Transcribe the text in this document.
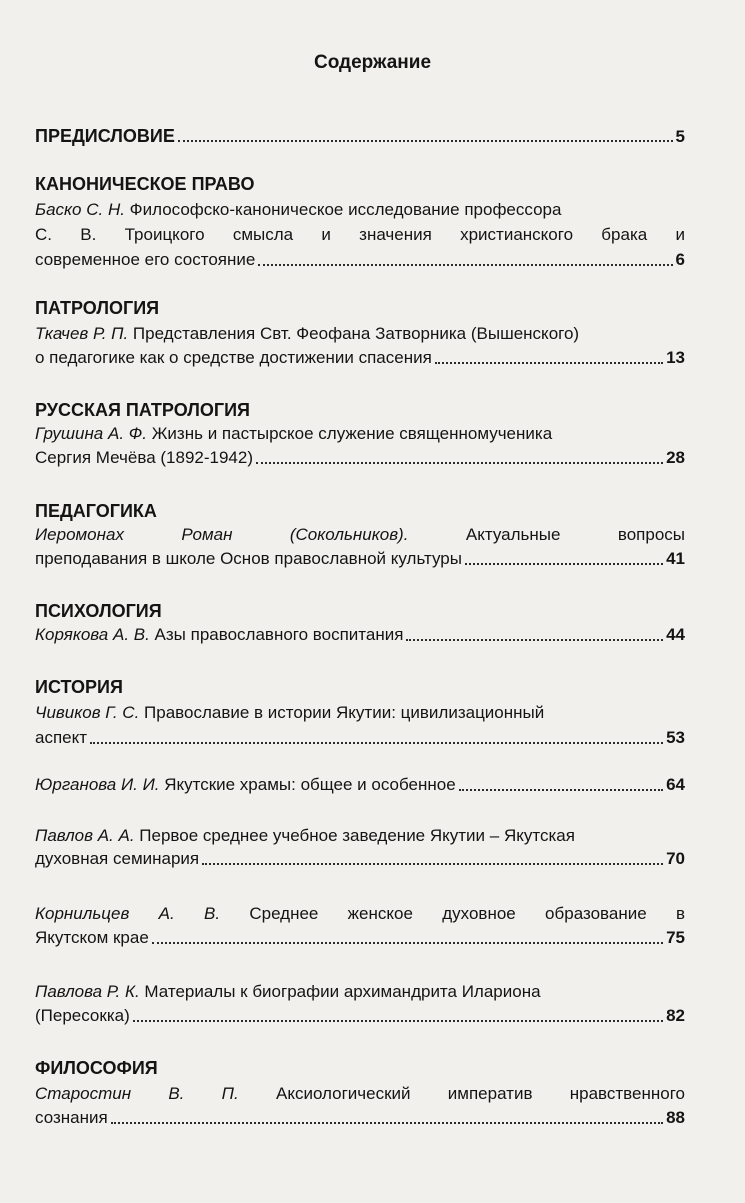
Содержание
ПРЕДИСЛОВИЕ	5
КАНОНИЧЕСКОЕ ПРАВО
Баско С. Н. Философско-каноническое исследование профессора
С. В. Троицкого смысла и значения христианского брака и
современное его состояние	6
ПАТРОЛОГИЯ
Ткачев Р. П. Представления Свт. Феофана Затворника (Вышенского)
о педагогике как о средстве достижении спасения	13
РУССКАЯ ПАТРОЛОГИЯ
Грушина А. Ф. Жизнь и пастырское служение священномученика
Сергия Мечёва (1892-1942)	28
ПЕДАГОГИКА
Иеромонах Роман (Сокольников). Актуальные вопросы
преподавания в школе Основ православной культуры	41
ПСИХОЛОГИЯ
Корякова А. В. Азы православного воспитания	44
ИСТОРИЯ
Чивиков Г. С. Православие в истории Якутии: цивилизационный
аспект	53
Юрганова И. И. Якутские храмы: общее и особенное	64
Павлов А. А. Первое среднее учебное заведение Якутии – Якутская
духовная семинария	70
Корнильцев А. В. Среднее женское духовное образование в
Якутском крае	75
Павлова Р. К. Материалы к биографии архимандрита Илариона
(Пересокка)	82
ФИЛОСОФИЯ
Старостин В. П. Аксиологический императив нравственного
сознания	88
